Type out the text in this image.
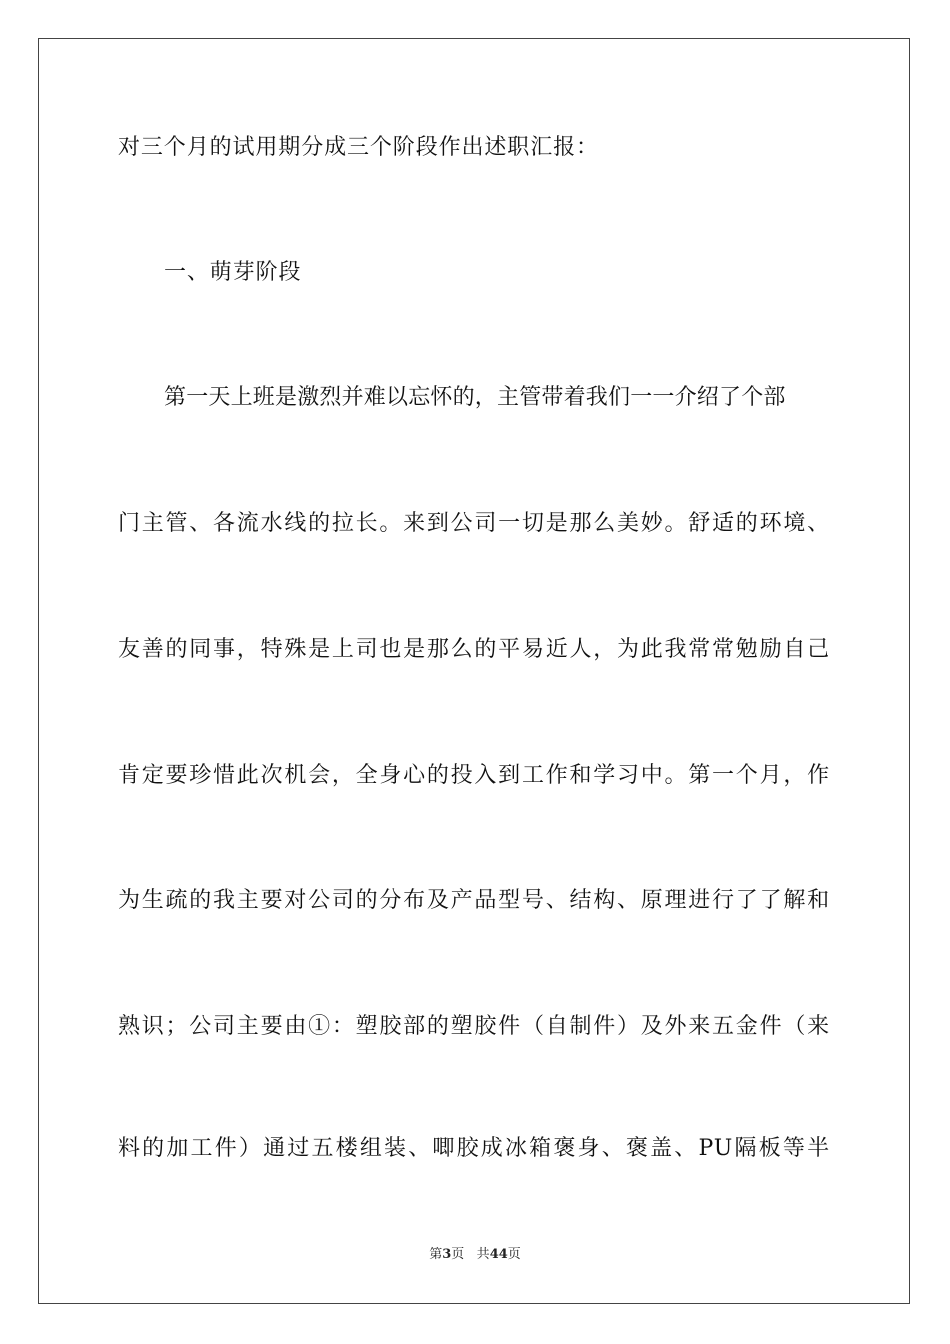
对三个月的试用期分成三个阶段作出述职汇报：
一、萌芽阶段
第一天上班是激烈并难以忘怀的，主管带着我们一一介绍了个部
门主管、各流水线的拉长。来到公司一切是那么美妙。舒适的环境、
友善的同事，特殊是上司也是那么的平易近人，为此我常常勉励自己
肯定要珍惜此次机会，全身心的投入到工作和学习中。第一个月，作
为生疏的我主要对公司的分布及产品型号、结构、原理进行了了解和
熟识；公司主要由①：塑胶部的塑胶件（自制件）及外来五金件（来
料的加工件）通过五楼组装、唧胶成冰箱褒身、褒盖、PU隔板等半
第3页 共44页
